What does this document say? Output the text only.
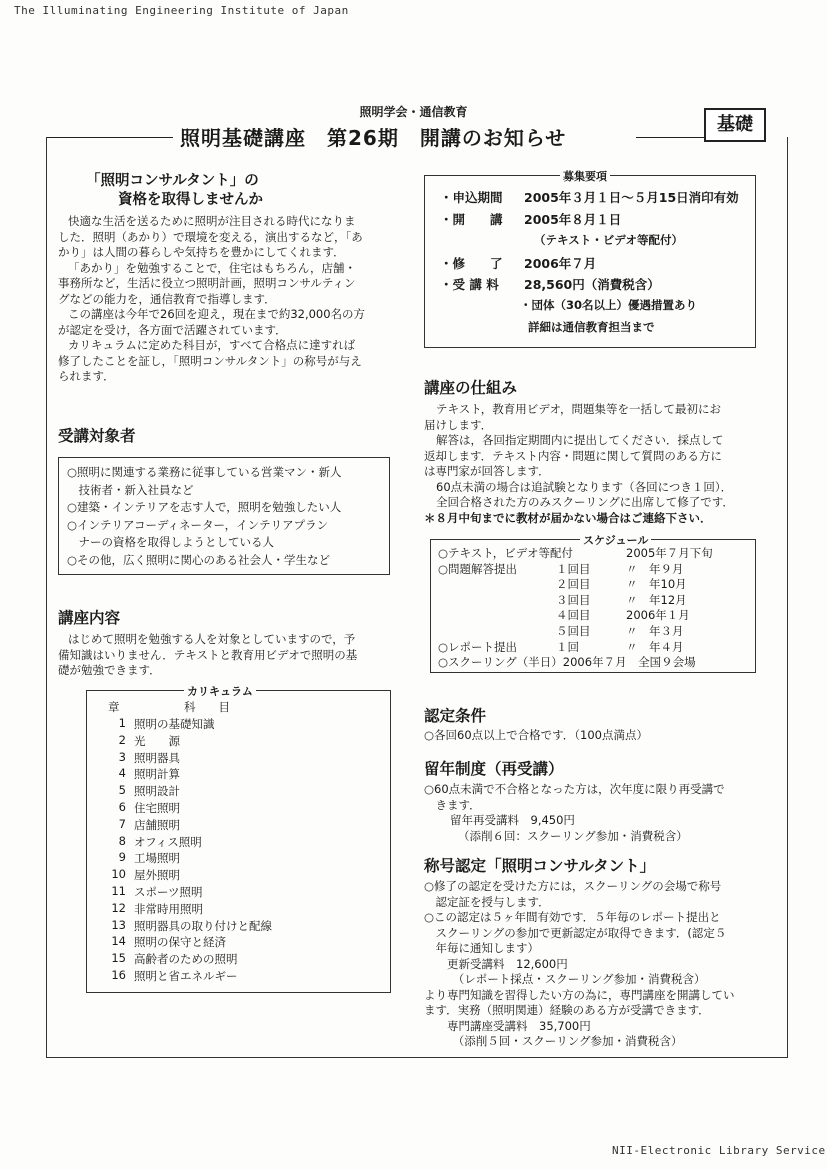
The Illuminating Engineering Institute of Japan
NII-Electronic Library Service
照明学会・通信教育
照明基礎講座　第26期　開講のお知らせ
基礎
「照明コンサルタント」の
資格を取得しませんか
快適な生活を送るために照明が注目される時代になりま
した．照明（あかり）で環境を変える，演出するなど，「あ
かり」は人間の暮らしや気持ちを豊かにしてくれます．
「あかり」を勉強することで，住宅はもちろん，店舗・
事務所など，生活に役立つ照明計画，照明コンサルティン
グなどの能力を，通信教育で指導します．
この講座は今年で26回を迎え，現在まで約32,000名の方
が認定を受け，各方面で活躍されています．
カリキュラムに定めた科目が，すべて合格点に達すれば
修了したことを証し，「照明コンサルタント」の称号が与え
られます．
受講対象者
○照明に関連する業務に従事している営業マン・新人
　技術者・新入社員など
○建築・インテリアを志す人で，照明を勉強したい人
○インテリアコーディネーター，インテリアプラン
　ナーの資格を取得しようとしている人
○その他，広く照明に関心のある社会人・学生など
講座内容
はじめて照明を勉強する人を対象としていますので，予
備知識はいりません．テキストと教育用ビデオで照明の基
礎が勉強できます．
カリキュラム
章	科　　目
1 照明の基礎知識
2 光　　源
3 照明器具
4 照明計算
5 照明設計
6 住宅照明
7 店舗照明
8 オフィス照明
9 工場照明
10 屋外照明
11 スポーツ照明
12 非常時用照明
13 照明器具の取り付けと配線
14 照明の保守と経済
15 高齢者のための照明
16 照明と省エネルギー
募集要項
・申込期間 2005年３月１日〜５月15日消印有効
・開　　講 2005年８月１日
（テキスト・ビデオ等配付）
・修　　了 2006年７月
・受 講 料 28,560円（消費税含）
・団体（30名以上）優遇措置あり
詳細は通信教育担当まで
講座の仕組み
テキスト，教育用ビデオ，問題集等を一括して最初にお
届けします．
解答は，各回指定期間内に提出してください．採点して
返却します．テキスト内容・問題に関して質問のある方に
は専門家が回答します．
60点未満の場合は追試験となります（各回につき１回）．
全回合格された方のみスクーリングに出席して修了です．
＊８月中旬までに教材が届かない場合はご連絡下さい．
スケジュール
○テキスト，ビデオ等配付	2005年７月下旬
○問題解答提出	１回目	〃　年９月
２回目	〃　年10月
３回目	〃　年12月
４回目	2006年１月
５回目	〃　年３月
○レポート提出	１回	〃　年４月
○スクーリング（半日）2006年７月　全国９会場
認定条件
○各回60点以上で合格です．（100点満点）
留年制度（再受講）
○60点未満で不合格となった方は，次年度に限り再受講で
　きます．
留年再受講料　9,450円
（添削６回：スクーリング参加・消費税含）
称号認定「照明コンサルタント」
○修了の認定を受けた方には，スクーリングの会場で称号
　認定証を授与します．
○この認定は５ヶ年間有効です．５年毎のレポート提出と
　スクーリングの参加で更新認定が取得できます．(認定５
　年毎に通知します）
　　更新受講料　12,600円
　　　（レポート採点・スクーリング参加・消費税含）
より専門知識を習得したい方の為に，専門講座を開講してい
ます．実務（照明関連）経験のある方が受講できます．
　　専門講座受講料　35,700円
　　　（添削５回・スクーリング参加・消費税含）
